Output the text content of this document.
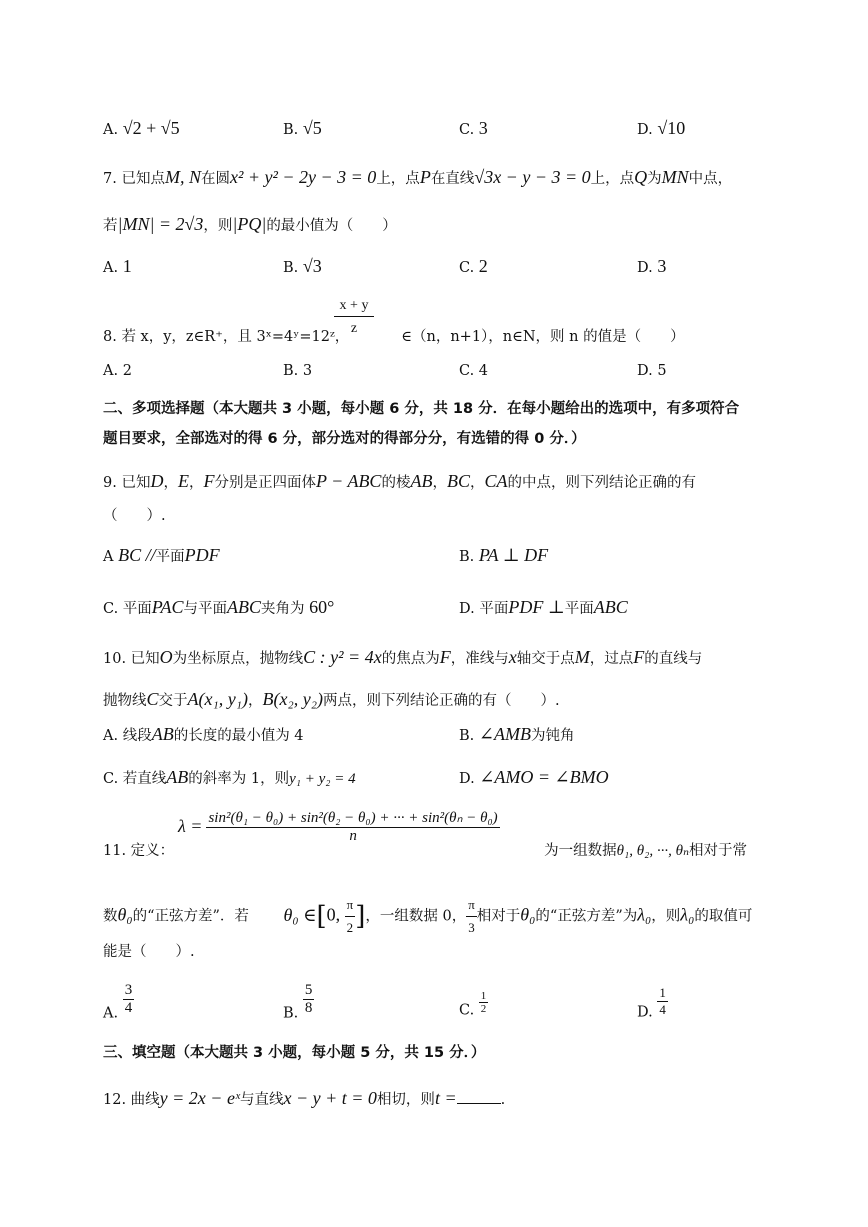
A. √2 + √5	B. √5	C. 3	D. √10
7. 已知点M, N在圆x² + y² − 2y − 3 = 0上，点P在直线√3x − y − 3 = 0上，点Q为MN中点，
若|MN| = 2√3，则|PQ|的最小值为（　　）
A. 1	B. √3	C. 2	D. 3
$\frac{x + y}{z}$
8. 若 x，y，z∈R⁺，且 3ˣ=4ʸ=12ᶻ，	∈（n，n+1），n∈N，则 n 的值是（　　）
A. 2	B. 3	C. 4	D. 5
二、多项选择题（本大题共 3 小题，每小题 6 分，共 18 分．在每小题给出的选项中，有多项符合
题目要求，全部选对的得 6 分，部分选对的得部分分，有选错的得 0 分．）
9. 已知D，E，F分别是正四面体P − ABC的棱AB，BC，CA的中点，则下列结论正确的有
（　　）.
A BC //平面PDF	B. PA ⊥ DF
C. 平面PAC与平面ABC夹角为 60°	D. 平面PDF ⊥平面ABC
10. 已知O为坐标原点，抛物线C : y² = 4x的焦点为F，准线与x轴交于点M，过点F的直线与
抛物线C交于A(x₁, y₁)，B(x₂, y₂)两点，则下列结论正确的有（　　）.
A. 线段AB的长度的最小值为 4	B. ∠AMB为钝角
C. 若直线AB的斜率为 1，则y₁ + y₂ = 4	D. ∠AMO = ∠BMO
$\lambda = \frac{\text{sin²(θ₁ − θ₀) + sin²(θ₂ − θ₀) + ··· + sin²(θₙ − θ₀)}}{n}$
11. 定义：	为一组数据θ₁, θ₂, ···, θₙ相对于常
数θ₀的“正弦方差”．若 θ₀ ∈[0, $\frac{\pi}{2}$ ]，一组数据 0， $\frac{\pi}{3}$ 相对于θ₀的“正弦方差”为λ₀，则λ₀的取值可
能是（　　）.
A. $\frac{3}{4}$	B. $\frac{5}{8}$	C. $\frac{1}{2}$	D. $\frac{1}{4}$
三、填空题（本大题共 3 小题，每小题 5 分，共 15 分．）
12. 曲线y = 2x − eˣ与直线x − y + t = 0相切，则t =	.
